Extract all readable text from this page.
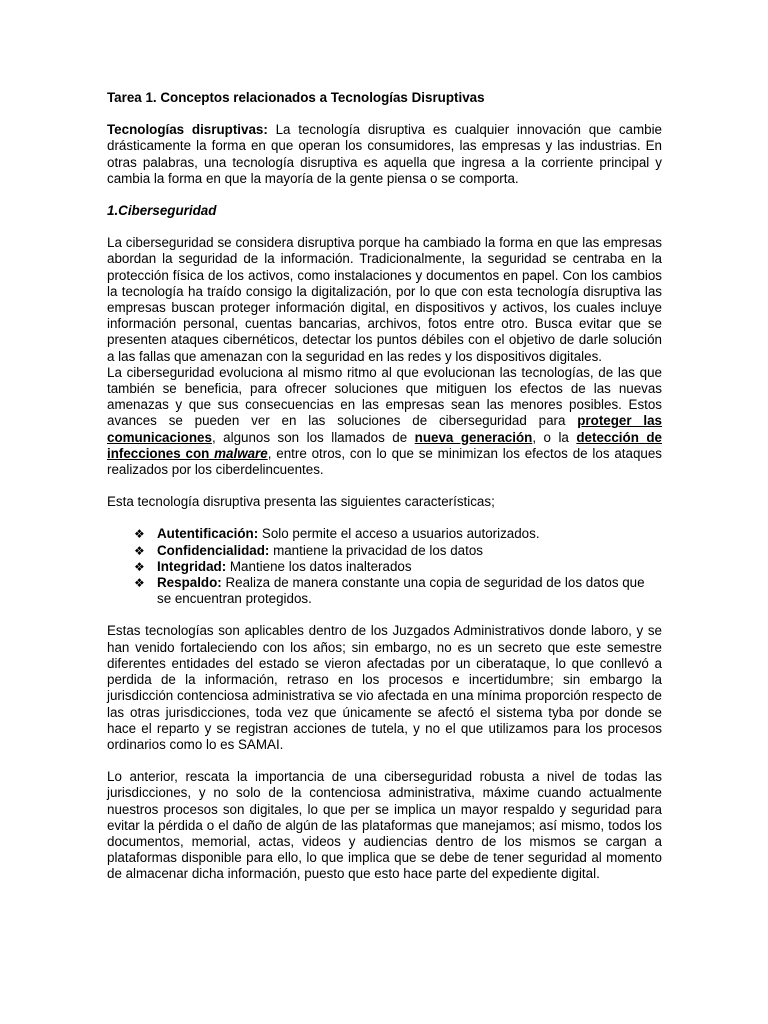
Tarea 1. Conceptos relacionados a Tecnologías Disruptivas

Tecnologías disruptivas: La tecnología disruptiva es cualquier innovación que cambie drásticamente la forma en que operan los consumidores, las empresas y las industrias. En otras palabras, una tecnología disruptiva es aquella que ingresa a la corriente principal y cambia la forma en que la mayoría de la gente piensa o se comporta.

1.Ciberseguridad

La ciberseguridad se considera disruptiva porque ha cambiado la forma en que las empresas abordan la seguridad de la información. Tradicionalmente, la seguridad se centraba en la protección física de los activos, como instalaciones y documentos en papel. Con los cambios la tecnología ha traído consigo la digitalización, por lo que con esta tecnología disruptiva las empresas buscan proteger información digital, en dispositivos y activos, los cuales incluye información personal, cuentas bancarias, archivos, fotos entre otro. Busca evitar que se presenten ataques cibernéticos, detectar los puntos débiles con el objetivo de darle solución a las fallas que amenazan con la seguridad en las redes y los dispositivos digitales.

La ciberseguridad evoluciona al mismo ritmo al que evolucionan las tecnologías, de las que también se beneficia, para ofrecer soluciones que mitiguen los efectos de las nuevas amenazas y que sus consecuencias en las empresas sean las menores posibles. Estos avances se pueden ver en las soluciones de ciberseguridad para proteger las comunicaciones, algunos son los llamados de nueva generación, o la detección de infecciones con malware, entre otros, con lo que se minimizan los efectos de los ataques realizados por los ciberdelincuentes.

Esta tecnología disruptiva presenta las siguientes características;

❖ Autentificación: Solo permite el acceso a usuarios autorizados.
❖ Confidencialidad: mantiene la privacidad de los datos
❖ Integridad: Mantiene los datos inalterados
❖ Respaldo: Realiza de manera constante una copia de seguridad de los datos que se encuentran protegidos.

Estas tecnologías son aplicables dentro de los Juzgados Administrativos donde laboro, y se han venido fortaleciendo con los años; sin embargo, no es un secreto que este semestre diferentes entidades del estado se vieron afectadas por un ciberataque, lo que conllevó a perdida de la información, retraso en los procesos e incertidumbre; sin embargo la jurisdicción contenciosa administrativa se vio afectada en una mínima proporción respecto de las otras jurisdicciones, toda vez que únicamente se afectó el sistema tyba por donde se hace el reparto y se registran acciones de tutela, y no el que utilizamos para los procesos ordinarios como lo es SAMAI.

Lo anterior, rescata la importancia de una ciberseguridad robusta a nivel de todas las jurisdicciones, y no solo de la contenciosa administrativa, máxime cuando actualmente nuestros procesos son digitales, lo que per se implica un mayor respaldo y seguridad para evitar la pérdida o el daño de algún de las plataformas que manejamos; así mismo, todos los documentos, memorial, actas, videos y audiencias dentro de los mismos se cargan a plataformas disponible para ello, lo que implica que se debe de tener seguridad al momento de almacenar dicha información, puesto que esto hace parte del expediente digital.
